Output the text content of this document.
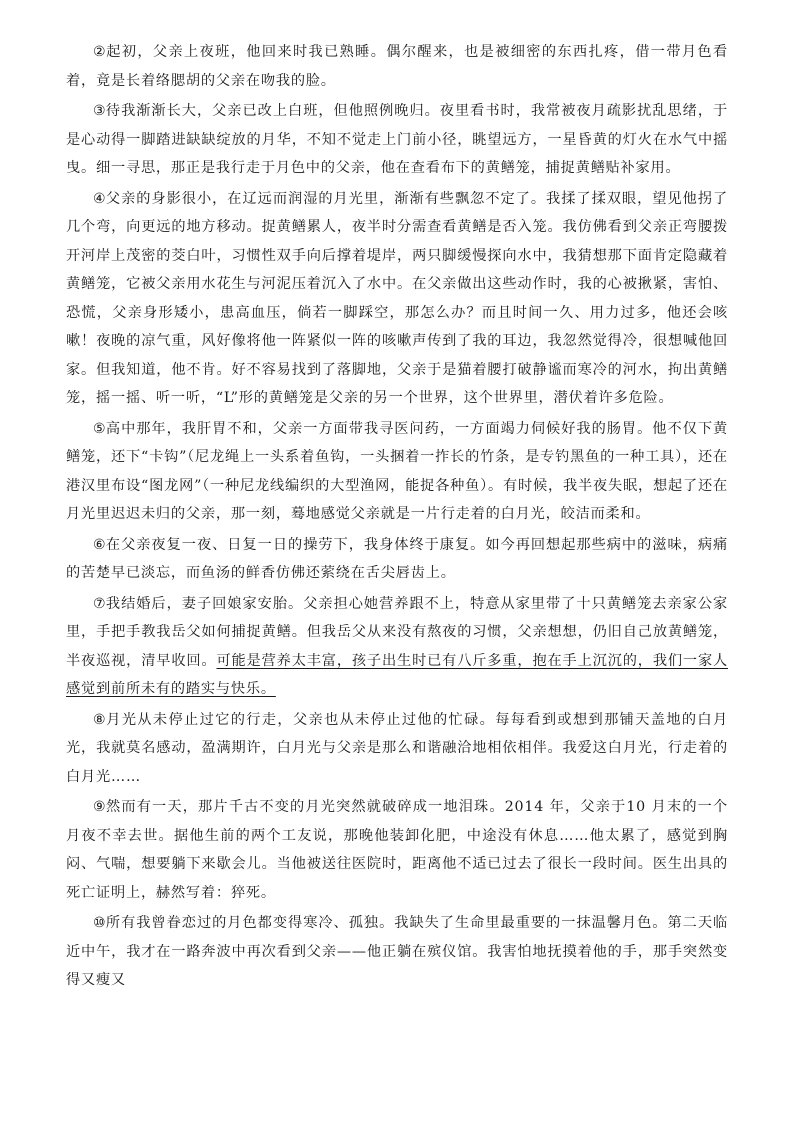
②起初，父亲上夜班，他回来时我已熟睡。偶尔醒来，也是被细密的东西扎疼，借一带月色看着，竟是长着络腮胡的父亲在吻我的脸。

③待我渐渐长大，父亲已改上白班，但他照例晚归。夜里看书时，我常被夜月疏影扰乱思绪，于是心动得一脚踏进缺缺绽放的月华，不知不觉走上门前小径，眺望远方，一星昏黄的灯火在水气中摇曳。细一寻思，那正是我行走于月色中的父亲，他在查看布下的黄鳝笼，捕捉黄鳝贴补家用。

④父亲的身影很小，在辽远而润湿的月光里，渐渐有些飘忽不定了。我揉了揉双眼，望见他拐了几个弯，向更远的地方移动。捉黄鳝累人，夜半时分需查看黄鳝是否入笼。我仿佛看到父亲正弯腰拨开河岸上茂密的茭白叶，习惯性双手向后撑着堤岸，两只脚缓慢探向水中，我猜想那下面肯定隐藏着黄鳝笼，它被父亲用水花生与河泥压着沉入了水中。在父亲做出这些动作时，我的心被揪紧，害怕、恐慌，父亲身形矮小，患高血压，倘若一脚踩空，那怎么办？而且时间一久、用力过多，他还会咳嗽！夜晚的凉气重，风好像将他一阵紧似一阵的咳嗽声传到了我的耳边，我忽然觉得冷，很想喊他回家。但我知道，他不肯。好不容易找到了落脚地，父亲于是猫着腰打破静谧而寒冷的河水，拘出黄鳝笼，摇一摇、听一听，“L”形的黄鳝笼是父亲的另一个世界，这个世界里，潜伏着许多危险。

⑤高中那年，我肝胃不和，父亲一方面带我寻医问药，一方面竭力伺候好我的肠胃。他不仅下黄鳝笼，还下“卡钩”（尼龙绳上一头系着鱼钩，一头捆着一拃长的竹条，是专钓黑鱼的一种工具），还在港汉里布设“图龙网”（一种尼龙线编织的大型渔网，能捉各种鱼）。有时候，我半夜失眠，想起了还在月光里迟迟未归的父亲，那一刻，蓦地感觉父亲就是一片行走着的白月光，皎洁而柔和。

⑥在父亲夜复一夜、日复一日的操劳下，我身体终于康复。如今再回想起那些病中的滋味，病痛的苦楚早已淡忘，而鱼汤的鲜香仿佛还萦绕在舌尖唇齿上。

⑦我结婚后，妻子回娘家安胎。父亲担心她营养跟不上，特意从家里带了十只黄鳝笼去亲家公家里，手把手教我岳父如何捕捉黄鳝。但我岳父从来没有熬夜的习惯，父亲想想，仍旧自己放黄鳝笼，半夜巡视，清早收回。可能是营养太丰富，孩子出生时已有八斤多重，抱在手上沉沉的，我们一家人感觉到前所未有的踏实与快乐。

⑧月光从未停止过它的行走，父亲也从未停止过他的忙碌。每每看到或想到那铺天盖地的白月光，我就莫名感动，盈满期许，白月光与父亲是那么和谐融洽地相依相伴。我爱这白月光，行走着的白月光……

⑨然而有一天，那片千古不变的月光突然就破碎成一地泪珠。2014 年，父亲于10 月末的一个月夜不幸去世。据他生前的两个工友说，那晚他装卸化肥，中途没有休息……他太累了，感觉到胸闷、气喘，想要躺下来歇会儿。当他被送往医院时，距离他不适已过去了很长一段时间。医生出具的死亡证明上，赫然写着：猝死。

⑩所有我曾眷恋过的月色都变得寒冷、孤独。我缺失了生命里最重要的一抹温馨月色。第二天临近中午，我才在一路奔波中再次看到父亲——他正躺在殡仪馆。我害怕地抚摸着他的手，那手突然变得又瘦又
